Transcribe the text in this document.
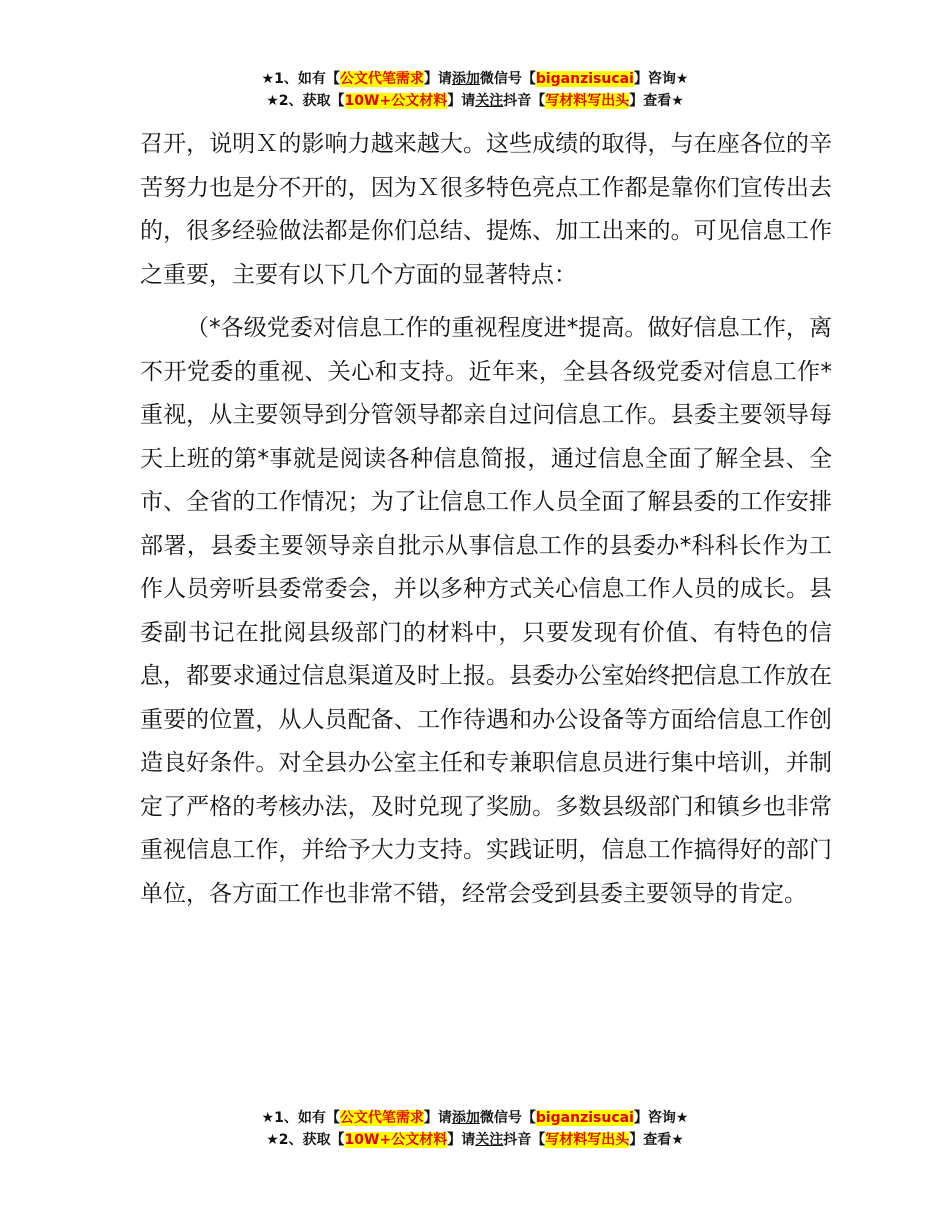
★1、如有【公文代笔需求】请添加微信号【biganzisucai】咨询★
★2、获取【10W+公文材料】请关注抖音【写材料写出头】查看★

召开，说明Ｘ的影响力越来越大。这些成绩的取得，与在座各位的辛苦努力也是分不开的，因为Ｘ很多特色亮点工作都是靠你们宣传出去的，很多经验做法都是你们总结、提炼、加工出来的。可见信息工作之重要，主要有以下几个方面的显著特点：

（*各级党委对信息工作的重视程度进*提高。做好信息工作，离不开党委的重视、关心和支持。近年来，全县各级党委对信息工作*重视，从主要领导到分管领导都亲自过问信息工作。县委主要领导每天上班的第*事就是阅读各种信息简报，通过信息全面了解全县、全市、全省的工作情况；为了让信息工作人员全面了解县委的工作安排部署，县委主要领导亲自批示从事信息工作的县委办*科科长作为工作人员旁听县委常委会，并以多种方式关心信息工作人员的成长。县委副书记在批阅县级部门的材料中，只要发现有价值、有特色的信息，都要求通过信息渠道及时上报。县委办公室始终把信息工作放在重要的位置，从人员配备、工作待遇和办公设备等方面给信息工作创造良好条件。对全县办公室主任和专兼职信息员进行集中培训，并制定了严格的考核办法，及时兑现了奖励。多数县级部门和镇乡也非常重视信息工作，并给予大力支持。实践证明，信息工作搞得好的部门单位，各方面工作也非常不错，经常会受到县委主要领导的肯定。

★1、如有【公文代笔需求】请添加微信号【biganzisucai】咨询★
★2、获取【10W+公文材料】请关注抖音【写材料写出头】查看★
